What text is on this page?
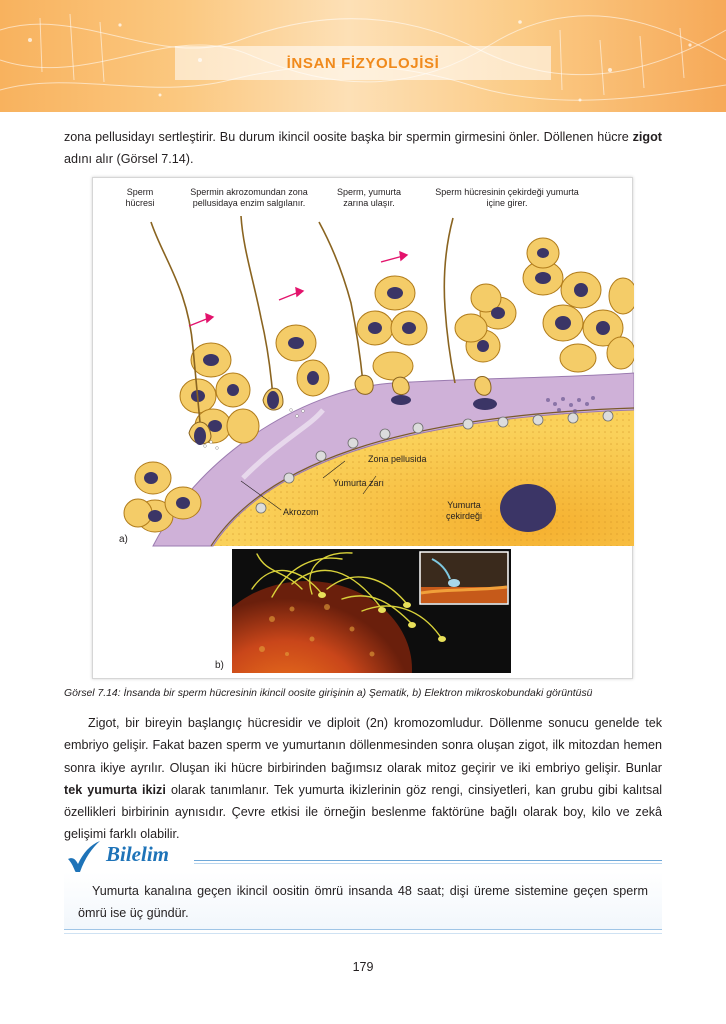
İNSAN FİZYOLOJİSİ

zona pellusidayı sertleştirir. Bu durum ikincil oosite başka bir spermin girmesini önler. Döllenen hücre zigot adını alır (Görsel 7.14).

Sperm hücresi
Spermin akrozomundan zona pellusidaya enzim salgılanır.
Sperm, yumurta zarına ulaşır.
Sperm hücresinin çekirdeği yumurta içine girer.
Zona pellusida
Yumurta zarı
Akrozom
Yumurta çekirdeği
a)
b)

Görsel 7.14: İnsanda bir sperm hücresinin ikincil oosite girişinin a) Şematik, b) Elektron mikroskobundaki görüntüsü

Zigot, bir bireyin başlangıç hücresidir ve diploit (2n) kromozomludur. Döllenme sonucu genelde tek embriyo gelişir. Fakat bazen sperm ve yumurtanın döllenmesinden sonra oluşan zigot, ilk mitozdan hemen sonra ikiye ayrılır. Oluşan iki hücre birbirinden bağımsız olarak mitoz geçirir ve iki embriyo gelişir. Bunlar tek yumurta ikizi olarak tanımlanır. Tek yumurta ikizlerinin göz rengi, cinsiyetleri, kan grubu gibi kalıtsal özellikleri birbirinin aynısıdır. Çevre etkisi ile örneğin beslenme faktörüne bağlı olarak boy, kilo ve zekâ gelişimi farklı olabilir.

Bilelim
Yumurta kanalına geçen ikincil oositin ömrü insanda 48 saat; dişi üreme sistemine geçen sperm ömrü ise üç gündür.
179
